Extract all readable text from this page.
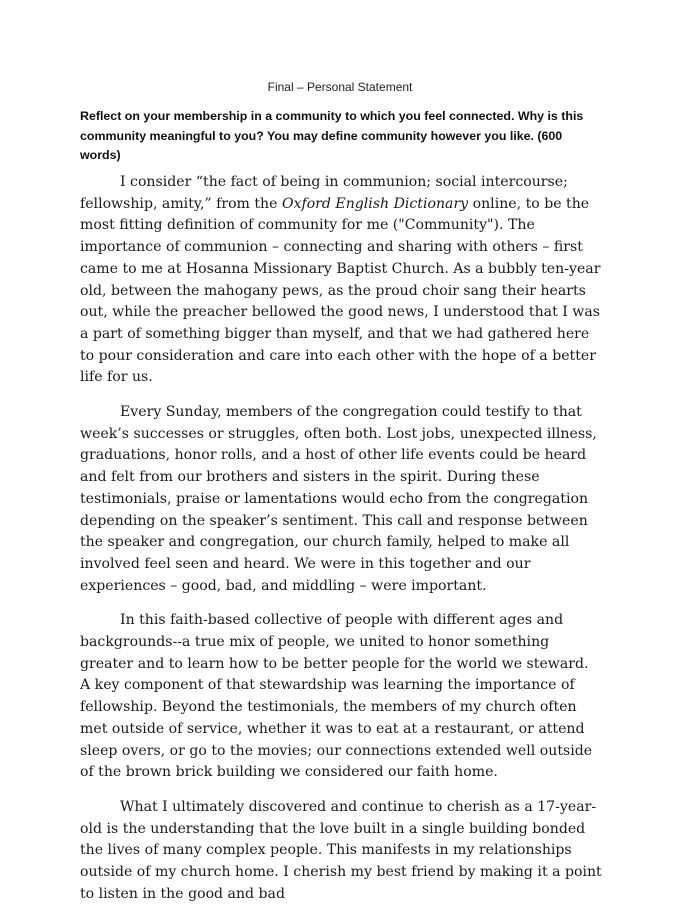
Final – Personal Statement

Reflect on your membership in a community to which you feel connected. Why is this community meaningful to you? You may define community however you like. (600 words)

I consider “the fact of being in communion; social intercourse; fellowship, amity,” from the Oxford English Dictionary online, to be the most fitting definition of community for me ("Community"). The importance of communion – connecting and sharing with others – first came to me at Hosanna Missionary Baptist Church. As a bubbly ten-year old, between the mahogany pews, as the proud choir sang their hearts out, while the preacher bellowed the good news, I understood that I was a part of something bigger than myself, and that we had gathered here to pour consideration and care into each other with the hope of a better life for us.

Every Sunday, members of the congregation could testify to that week’s successes or struggles, often both. Lost jobs, unexpected illness, graduations, honor rolls, and a host of other life events could be heard and felt from our brothers and sisters in the spirit. During these testimonials, praise or lamentations would echo from the congregation depending on the speaker’s sentiment. This call and response between the speaker and congregation, our church family, helped to make all involved feel seen and heard. We were in this together and our experiences – good, bad, and middling – were important.

In this faith-based collective of people with different ages and backgrounds--a true mix of people, we united to honor something greater and to learn how to be better people for the world we steward. A key component of that stewardship was learning the importance of fellowship. Beyond the testimonials, the members of my church often met outside of service, whether it was to eat at a restaurant, or attend sleep overs, or go to the movies; our connections extended well outside of the brown brick building we considered our faith home.

What I ultimately discovered and continue to cherish as a 17-year-old is the understanding that the love built in a single building bonded the lives of many complex people. This manifests in my relationships outside of my church home. I cherish my best friend by making it a point to listen in the good and bad
